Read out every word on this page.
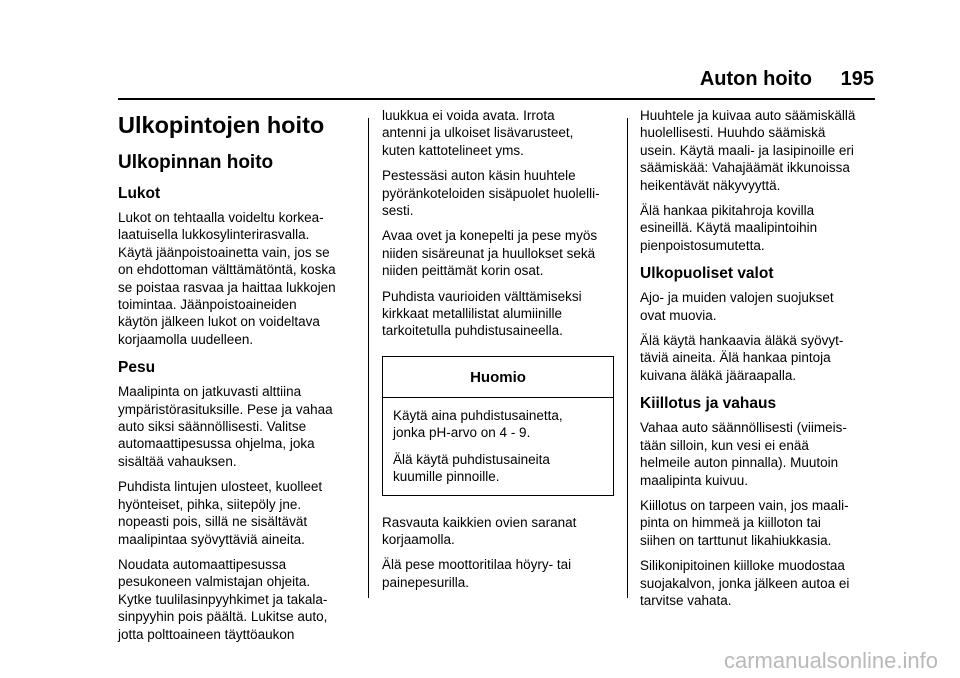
Auton hoito 195
Ulkopintojen hoito
Ulkopinnan hoito
Lukot

Lukot on tehtaalla voideltu korkea-
laatuisella lukkosylinterirasvalla.
Käytä jäänpoistoainetta vain, jos se
on ehdottoman välttämätöntä, koska
se poistaa rasvaa ja haittaa lukkojen
toimintaa. Jäänpoistoaineiden
käytön jälkeen lukot on voideltava
korjaamolla uudelleen.

Pesu

Maalipinta on jatkuvasti alttiina
ympäristörasituksille. Pese ja vahaa
auto siksi säännöllisesti. Valitse
automaattipesussa ohjelma, joka
sisältää vahauksen.

Puhdista lintujen ulosteet, kuolleet
hyönteiset, pihka, siitepöly jne.
nopeasti pois, sillä ne sisältävät
maalipintaa syövyttäviä aineita.

Noudata automaattipesussa
pesukoneen valmistajan ohjeita.
Kytke tuulilasinpyyhkimet ja takala-
sinpyyhin pois päältä. Lukitse auto,
jotta polttoaineen täyttöaukon

luukkua ei voida avata. Irrota
antenni ja ulkoiset lisävarusteet,
kuten kattotelineet yms.

Pestessäsi auton käsin huuhtele
pyöränkoteloiden sisäpuolet huolelli-
sesti.

Avaa ovet ja konepelti ja pese myös
niiden sisäreunat ja huullokset sekä
niiden peittämät korin osat.

Puhdista vaurioiden välttämiseksi
kirkkaat metallilistat alumiinille
tarkoitetulla puhdistusaineella.

Huomio

Käytä aina puhdistusainetta,
jonka pH-arvo on 4 - 9.

Älä käytä puhdistusaineita
kuumille pinnoille.

Rasvauta kaikkien ovien saranat
korjaamolla.

Älä pese moottoritilaa höyry- tai
painepesurilla.

Huuhtele ja kuivaa auto säämiskällä
huolellisesti. Huuhdo säämiskä
usein. Käytä maali- ja lasipinoille eri
säämiskää: Vahajäämät ikkunoissa
heikentävät näkyvyyttä.

Älä hankaa pikitahroja kovilla
esineillä. Käytä maalipintoihin
pienpoistosumutetta.

Ulkopuoliset valot

Ajo- ja muiden valojen suojukset
ovat muovia.

Älä käytä hankaavia äläkä syövyt-
täviä aineita. Älä hankaa pintoja
kuivana äläkä jääraapalla.

Kiillotus ja vahaus

Vahaa auto säännöllisesti (viimeis-
tään silloin, kun vesi ei enää
helmeile auton pinnalla). Muutoin
maalipinta kuivuu.

Kiillotus on tarpeen vain, jos maali-
pinta on himmeä ja kiilloton tai
siihen on tarttunut likahiukkasia.

Silikonipitoinen kiilloke muodostaa
suojakalvon, jonka jälkeen autoa ei
tarvitse vahata.

carmanualsonline.info
